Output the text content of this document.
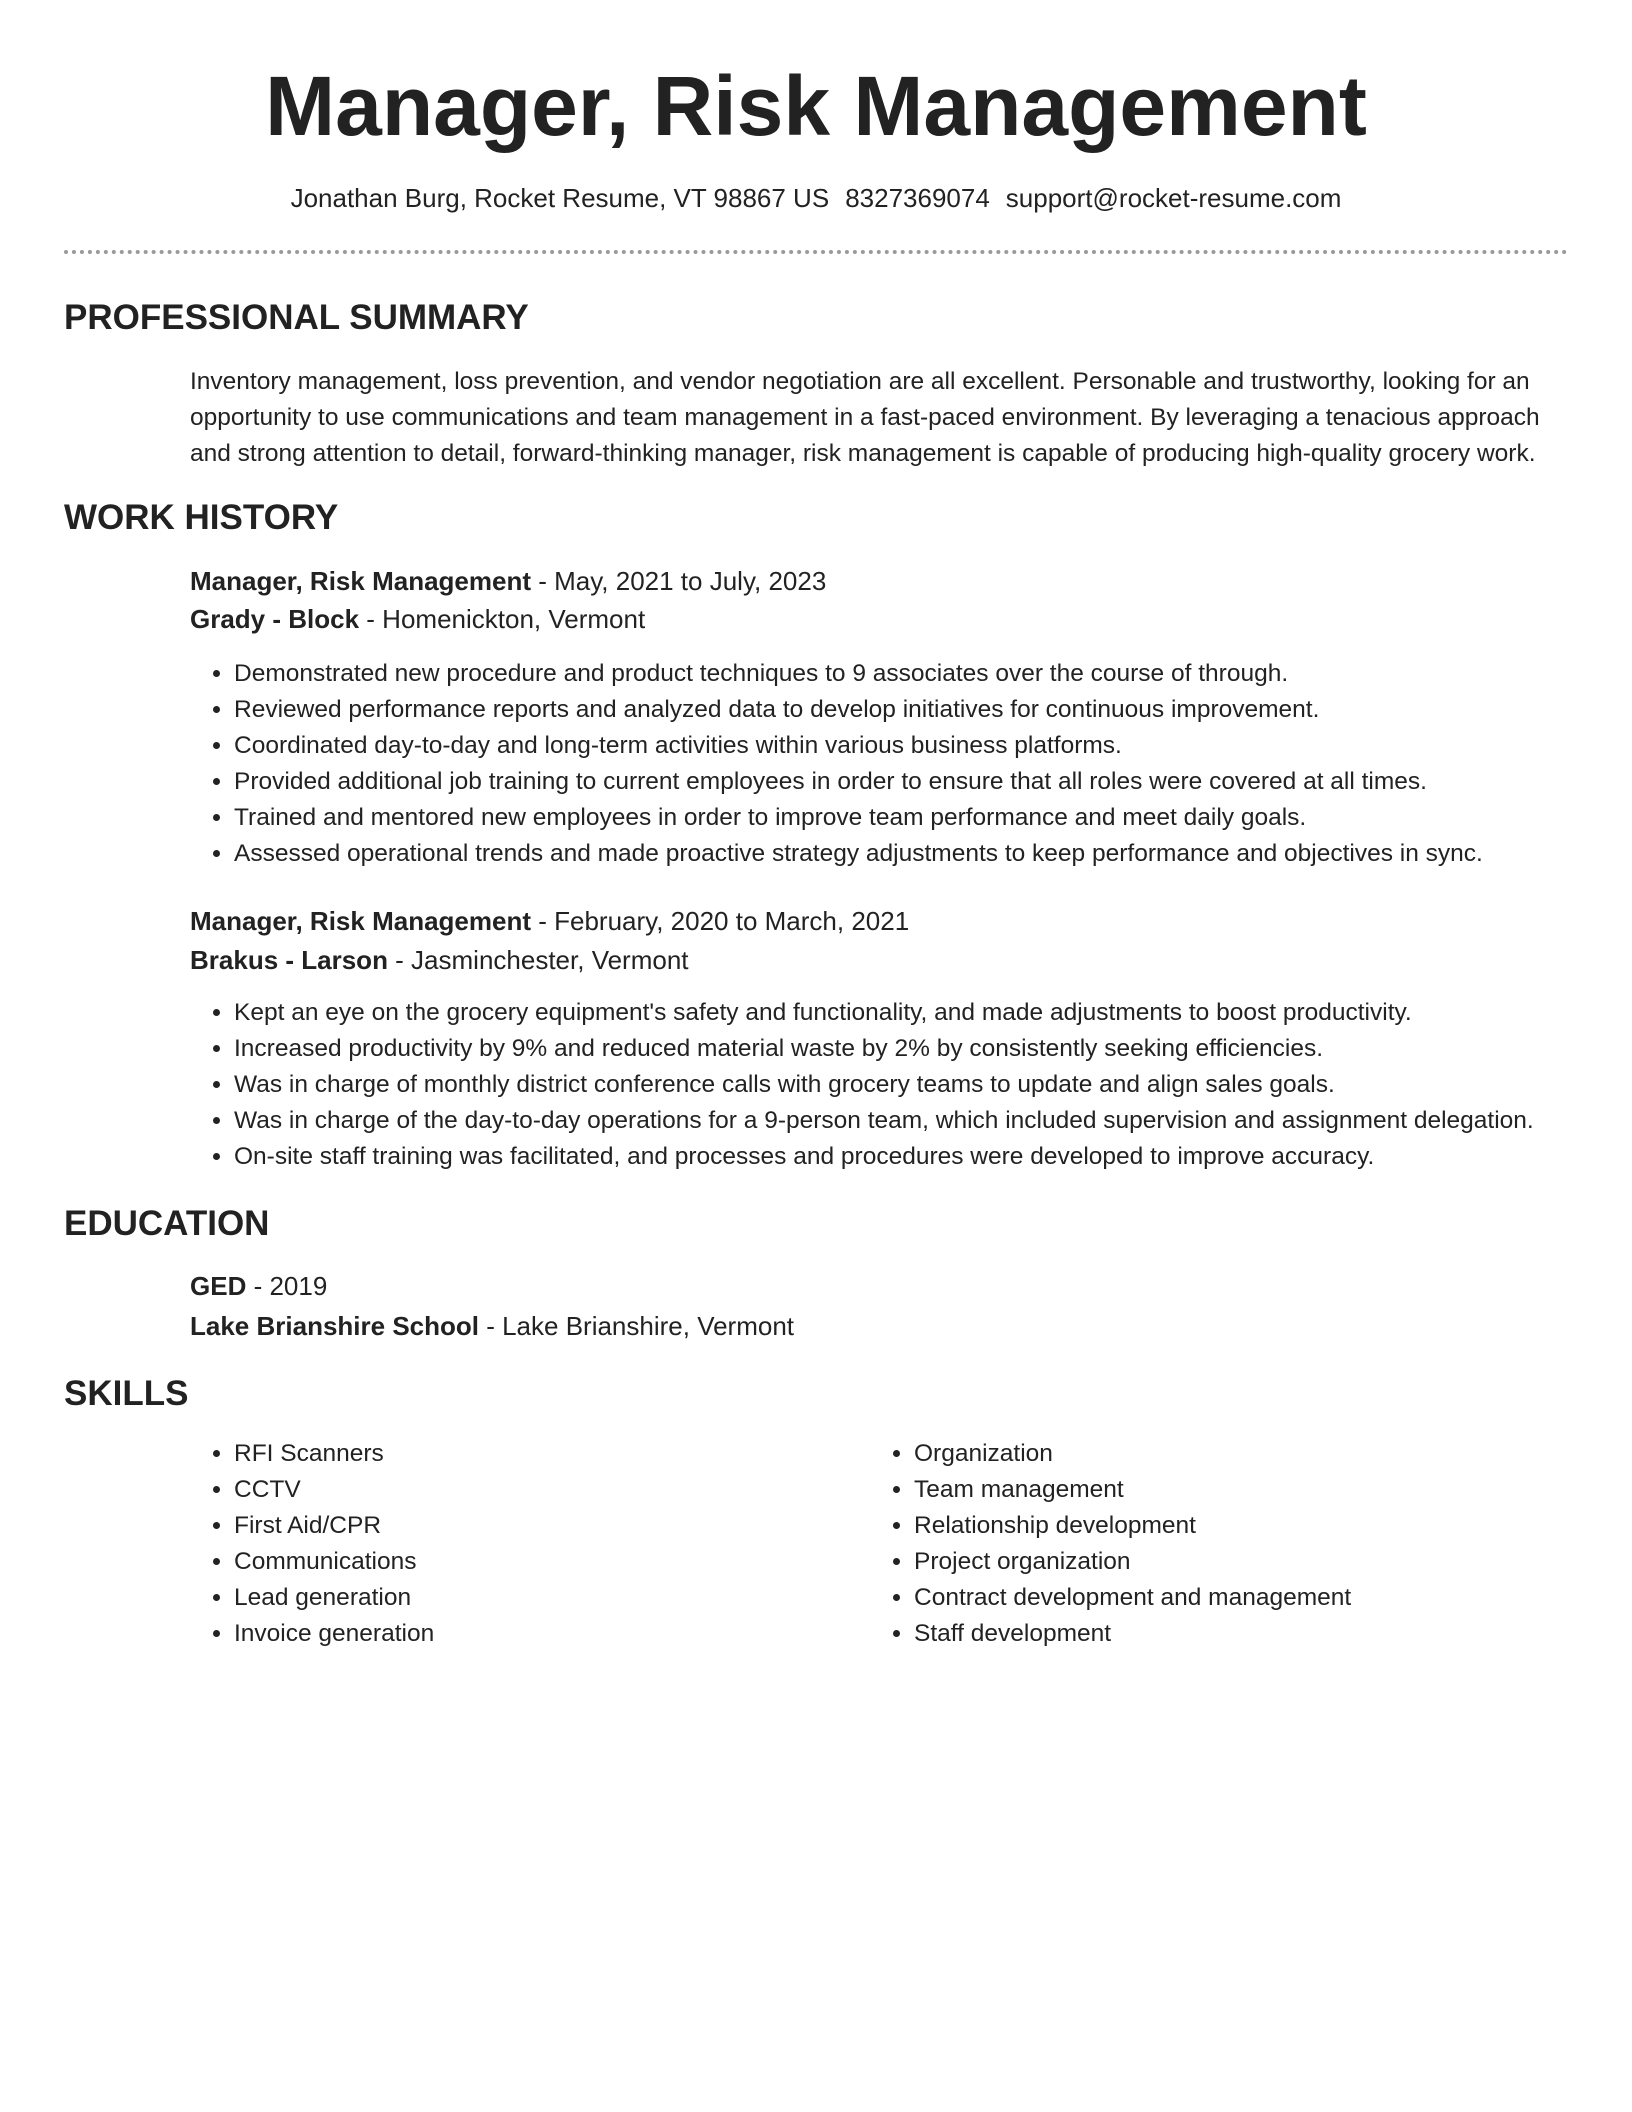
Manager, Risk Management
Jonathan Burg, Rocket Resume, VT 98867 US 8327369074 support@rocket-resume.com
PROFESSIONAL SUMMARY

Inventory management, loss prevention, and vendor negotiation are all excellent. Personable and trustworthy, looking for an opportunity to use communications and team management in a fast-paced environment. By leveraging a tenacious approach and strong attention to detail, forward-thinking manager, risk management is capable of producing high-quality grocery work.

WORK HISTORY
Manager, Risk Management - May, 2021 to July, 2023
Grady - Block - Homenickton, Vermont
• Demonstrated new procedure and product techniques to 9 associates over the course of through.
• Reviewed performance reports and analyzed data to develop initiatives for continuous improvement.
• Coordinated day-to-day and long-term activities within various business platforms.
• Provided additional job training to current employees in order to ensure that all roles were covered at all times.
• Trained and mentored new employees in order to improve team performance and meet daily goals.
• Assessed operational trends and made proactive strategy adjustments to keep performance and objectives in sync.
Manager, Risk Management - February, 2020 to March, 2021
Brakus - Larson - Jasminchester, Vermont
• Kept an eye on the grocery equipment's safety and functionality, and made adjustments to boost productivity.
• Increased productivity by 9% and reduced material waste by 2% by consistently seeking efficiencies.
• Was in charge of monthly district conference calls with grocery teams to update and align sales goals.
• Was in charge of the day-to-day operations for a 9-person team, which included supervision and assignment delegation.
• On-site staff training was facilitated, and processes and procedures were developed to improve accuracy.
EDUCATION
GED - 2019
Lake Brianshire School - Lake Brianshire, Vermont
SKILLS
• RFI Scanners
• CCTV
• First Aid/CPR
• Communications
• Lead generation
• Invoice generation
• Organization
• Team management
• Relationship development
• Project organization
• Contract development and management
• Staff development
